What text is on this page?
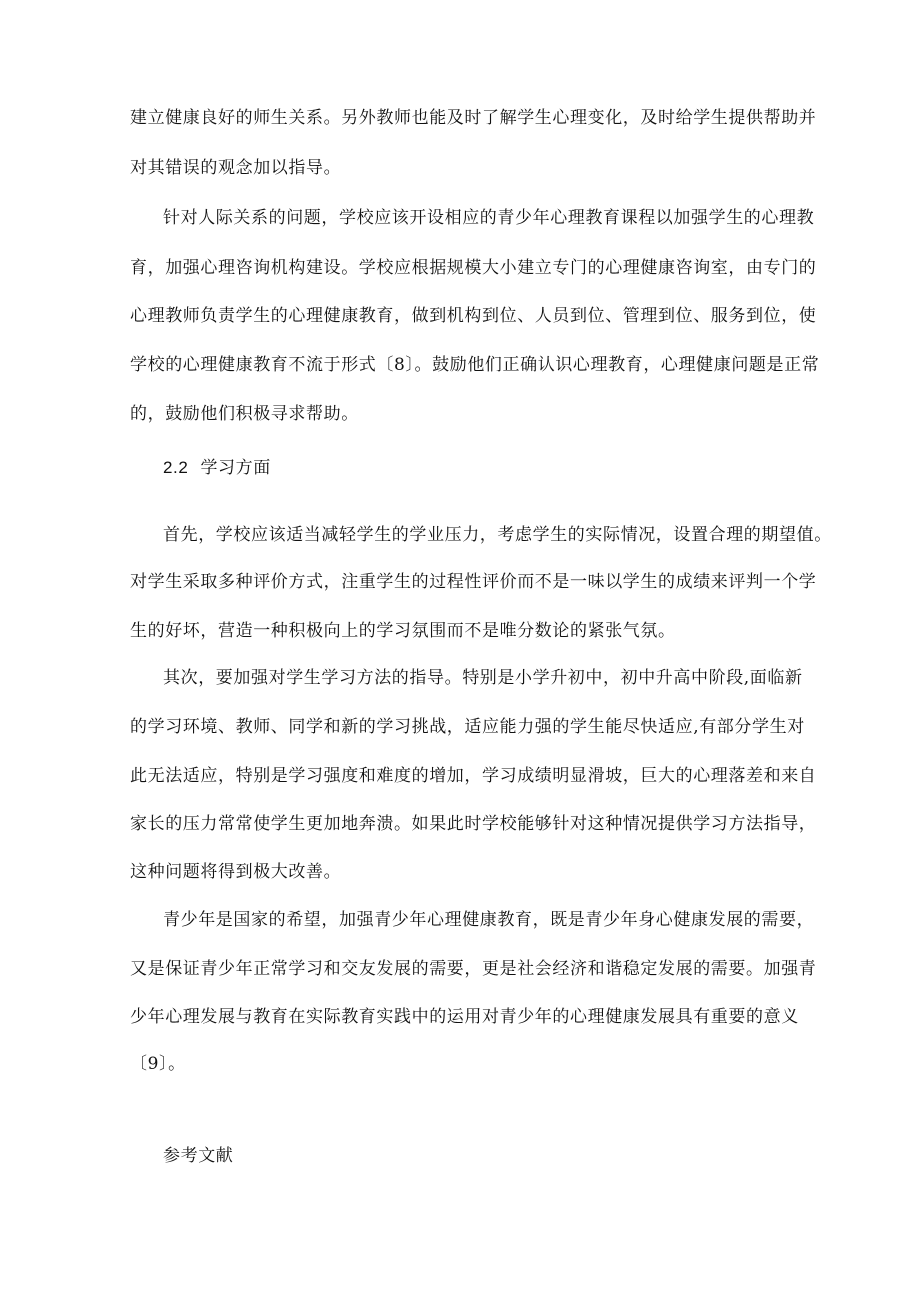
建立健康良好的师生关系。另外教师也能及时了解学生心理变化，及时给学生提供帮助并
对其错误的观念加以指导。
针对人际关系的问题，学校应该开设相应的青少年心理教育课程以加强学生的心理教
育，加强心理咨询机构建设。学校应根据规模大小建立专门的心理健康咨询室，由专门的
心理教师负责学生的心理健康教育，做到机构到位、人员到位、管理到位、服务到位，使
学校的心理健康教育不流于形式〔8〕。鼓励他们正确认识心理教育，心理健康问题是正常
的，鼓励他们积极寻求帮助。
2.2 学习方面
首先，学校应该适当减轻学生的学业压力，考虑学生的实际情况，设置合理的期望值。
对学生采取多种评价方式，注重学生的过程性评价而不是一味以学生的成绩来评判一个学
生的好坏，营造一种积极向上的学习氛围而不是唯分数论的紧张气氛。
其次，要加强对学生学习方法的指导。特别是小学升初中，初中升高中阶段,面临新
的学习环境、教师、同学和新的学习挑战，适应能力强的学生能尽快适应,有部分学生对
此无法适应，特别是学习强度和难度的增加，学习成绩明显滑坡，巨大的心理落差和来自
家长的压力常常使学生更加地奔溃。如果此时学校能够针对这种情况提供学习方法指导，
这种问题将得到极大改善。
青少年是国家的希望，加强青少年心理健康教育，既是青少年身心健康发展的需要，
又是保证青少年正常学习和交友发展的需要，更是社会经济和谐稳定发展的需要。加强青
少年心理发展与教育在实际教育实践中的运用对青少年的心理健康发展具有重要的意义
〔9〕。
参考文献
